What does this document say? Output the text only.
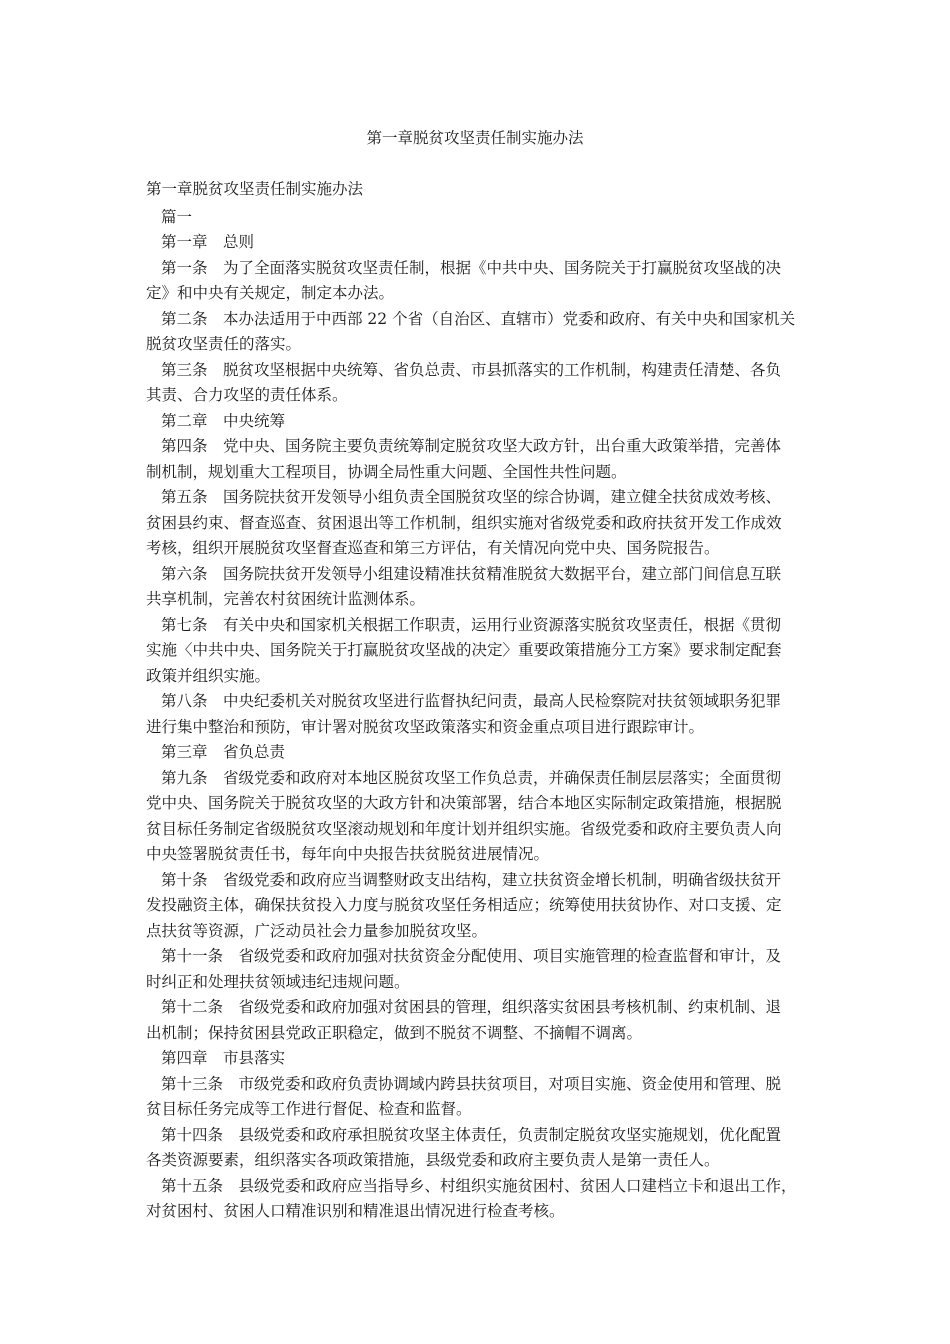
第一章脱贫攻坚责任制实施办法
第一章脱贫攻坚责任制实施办法
篇一
第一章　总则
第一条　为了全面落实脱贫攻坚责任制，根据《中共中央、国务院关于打赢脱贫攻坚战的决
定》和中央有关规定，制定本办法。
第二条　本办法适用于中西部 22 个省（自治区、直辖市）党委和政府、有关中央和国家机关
脱贫攻坚责任的落实。
第三条　脱贫攻坚根据中央统筹、省负总责、市县抓落实的工作机制，构建责任清楚、各负
其责、合力攻坚的责任体系。
第二章　中央统筹
第四条　党中央、国务院主要负责统筹制定脱贫攻坚大政方针，出台重大政策举措，完善体
制机制，规划重大工程项目，协调全局性重大问题、全国性共性问题。
第五条　国务院扶贫开发领导小组负责全国脱贫攻坚的综合协调，建立健全扶贫成效考核、
贫困县约束、督查巡查、贫困退出等工作机制，组织实施对省级党委和政府扶贫开发工作成效
考核，组织开展脱贫攻坚督查巡查和第三方评估，有关情况向党中央、国务院报告。
第六条　国务院扶贫开发领导小组建设精准扶贫精准脱贫大数据平台，建立部门间信息互联
共享机制，完善农村贫困统计监测体系。
第七条　有关中央和国家机关根据工作职责，运用行业资源落实脱贫攻坚责任，根据《贯彻
实施〈中共中央、国务院关于打赢脱贫攻坚战的决定〉重要政策措施分工方案》要求制定配套
政策并组织实施。
第八条　中央纪委机关对脱贫攻坚进行监督执纪问责，最高人民检察院对扶贫领域职务犯罪
进行集中整治和预防，审计署对脱贫攻坚政策落实和资金重点项目进行跟踪审计。
第三章　省负总责
第九条　省级党委和政府对本地区脱贫攻坚工作负总责，并确保责任制层层落实；全面贯彻
党中央、国务院关于脱贫攻坚的大政方针和决策部署，结合本地区实际制定政策措施，根据脱
贫目标任务制定省级脱贫攻坚滚动规划和年度计划并组织实施。省级党委和政府主要负责人向
中央签署脱贫责任书，每年向中央报告扶贫脱贫进展情况。
第十条　省级党委和政府应当调整财政支出结构，建立扶贫资金增长机制，明确省级扶贫开
发投融资主体，确保扶贫投入力度与脱贫攻坚任务相适应；统筹使用扶贫协作、对口支援、定
点扶贫等资源，广泛动员社会力量参加脱贫攻坚。
第十一条　省级党委和政府加强对扶贫资金分配使用、项目实施管理的检查监督和审计，及
时纠正和处理扶贫领域违纪违规问题。
第十二条　省级党委和政府加强对贫困县的管理，组织落实贫困县考核机制、约束机制、退
出机制；保持贫困县党政正职稳定，做到不脱贫不调整、不摘帽不调离。
第四章　市县落实
第十三条　市级党委和政府负责协调域内跨县扶贫项目，对项目实施、资金使用和管理、脱
贫目标任务完成等工作进行督促、检查和监督。
第十四条　县级党委和政府承担脱贫攻坚主体责任，负责制定脱贫攻坚实施规划，优化配置
各类资源要素，组织落实各项政策措施，县级党委和政府主要负责人是第一责任人。
第十五条　县级党委和政府应当指导乡、村组织实施贫困村、贫困人口建档立卡和退出工作，
对贫困村、贫困人口精准识别和精准退出情况进行检查考核。
